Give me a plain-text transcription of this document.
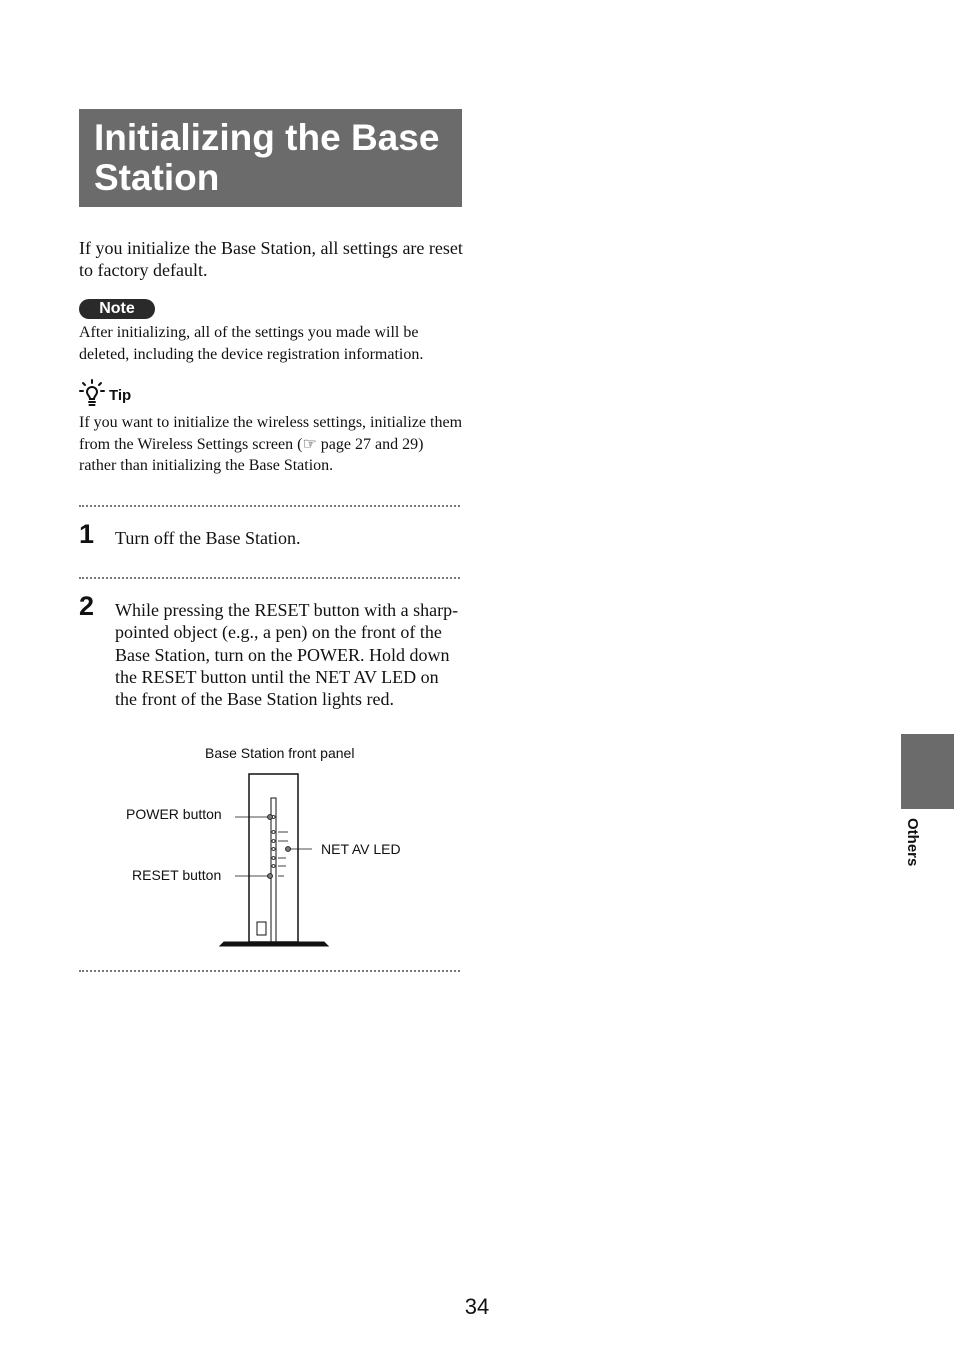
Initializing the Base Station

If you initialize the Base Station, all settings are reset to factory default.

Note

After initializing, all of the settings you made will be deleted, including the device registration information.

Tip

If you want to initialize the wireless settings, initialize them from the Wireless Settings screen (☞ page 27 and 29) rather than initializing the Base Station.

1 Turn off the Base Station.

2 While pressing the RESET button with a sharp-pointed object (e.g., a pen) on the front of the Base Station, turn on the POWER. Hold down the RESET button until the NET AV LED on the front of the Base Station lights red.

Base Station front panel
POWER button
RESET button
NET AV LED	Others
34
